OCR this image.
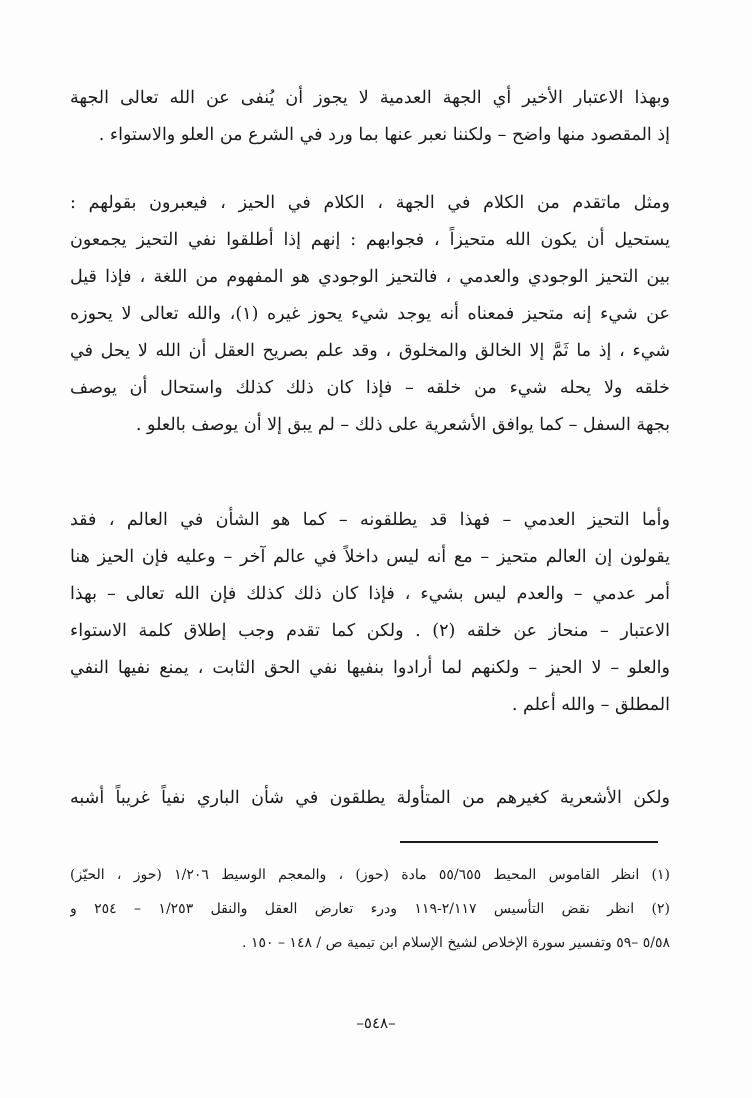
وبهذا الاعتبار الأخير أي الجهة العدمية لا يجوز أن يُنفى عن الله تعالى الجهة
إذ المقصود منها واضح – ولكننا نعبر عنها بما ورد في الشرع من العلو والاستواء .
ومثل ماتقدم من الكلام في الجهة ، الكلام في الحيز ، فيعبرون بقولهم :
يستحيل أن يكون الله متحيزاً ، فجوابهم : إنهم إذا أطلقوا نفي التحيز يجمعون
بين التحيز الوجودي والعدمي ، فالتحيز الوجودي هو المفهوم من اللغة ، فإذا قيل
عن شيء إنه متحيز فمعناه أنه يوجد شيء يحوز غيره (١)، والله تعالى لا يحوزه
شيء ، إذ ما ثَمَّ إلا الخالق والمخلوق ، وقد علم بصريح العقل أن الله لا يحل في
خلقه ولا يحله شيء من خلقه – فإذا كان ذلك كذلك واستحال أن يوصف
بجهة السفل – كما يوافق الأشعرية على ذلك – لم يبق إلا أن يوصف بالعلو .
وأما التحيز العدمي – فهذا قد يطلقونه – كما هو الشأن في العالم ، فقد
يقولون إن العالم متحيز – مع أنه ليس داخلاً في عالم آخر – وعليه فإن الحيز هنا
أمر عدمي – والعدم ليس بشيء ، فإذا كان ذلك كذلك فإن الله تعالى – بهذا
الاعتبار – منحاز عن خلقه (٢) . ولكن كما تقدم وجب إطلاق كلمة الاستواء
والعلو – لا الحيز – ولكنهم لما أرادوا بنفيها نفي الحق الثابت ، يمنع نفيها النفي
المطلق – والله أعلم .
ولكن الأشعرية كغيرهم من المتأولة يطلقون في شأن الباري نفياً غريباً أشبه
(١) انظر القاموس المحيط ٥٥/٦٥٥ مادة (حوز) ، والمعجم الوسيط ١/٢٠٦ (حوز ، الحيّز)
(٢) انظر نقض التأسيس ٢/١١٧-١١٩ ودرء تعارض العقل والنقل ١/٢٥٣ – ٢٥٤ و
٥/٥٨ –٥٩ وتفسير سورة الإخلاص لشيخ الإسلام ابن تيمية ص / ١٤٨ – ١٥٠ .
–٥٤٨–
